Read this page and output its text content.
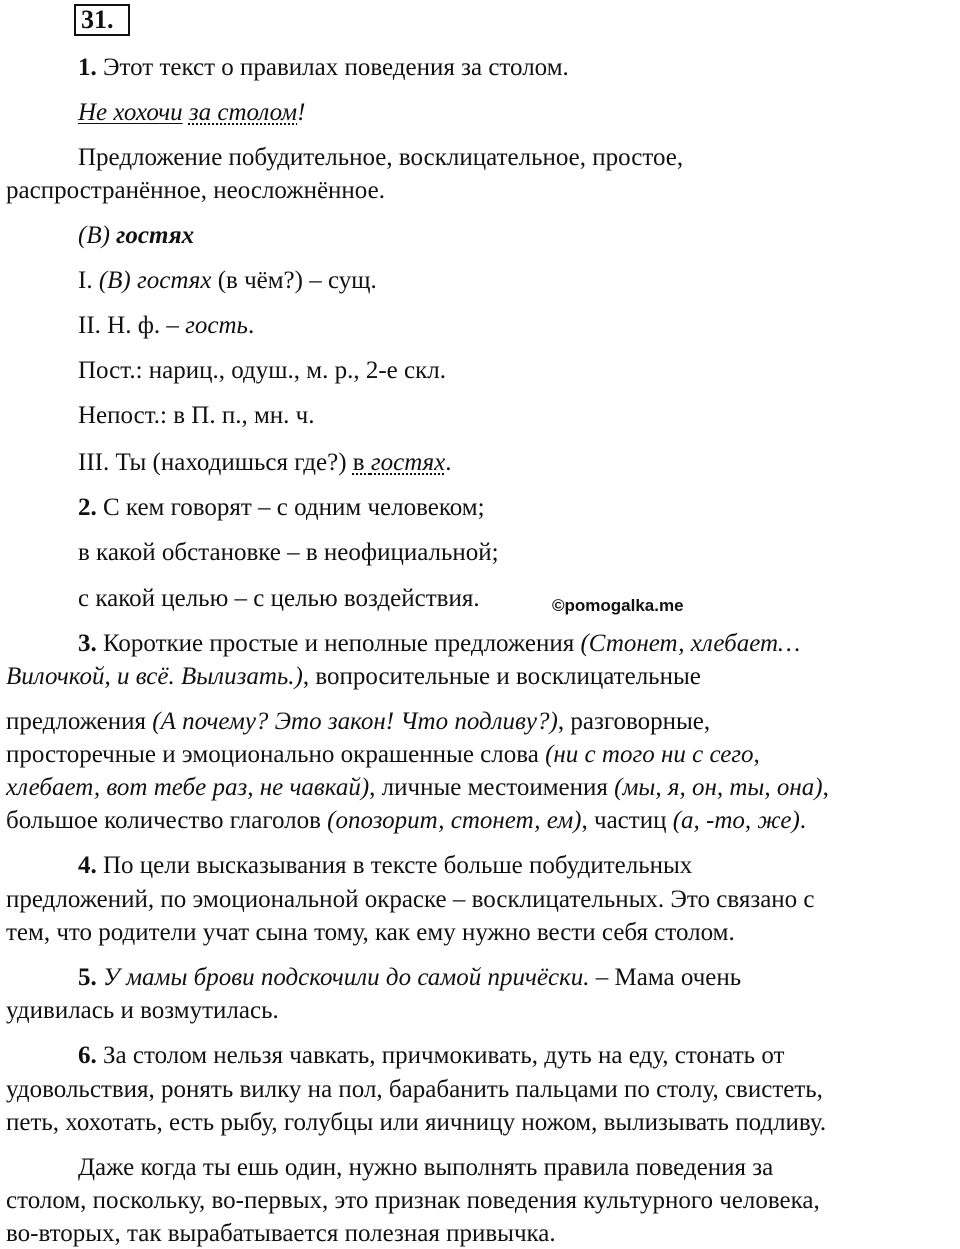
31.
1. Этот текст о правилах поведения за столом.
Не хохочи за столом!
Предложение побудительное, восклицательное, простое,
распространённое, неосложнённое.
(В) гостях
I. (В) гостях (в чём?) – сущ.
II. Н. ф. – гость.
Пост.: нариц., одуш., м. р., 2-е скл.
Непост.: в П. п., мн. ч.
III. Ты (находишься где?) в гостях.
2. С кем говорят – с одним человеком;
в какой обстановке – в неофициальной;
с какой целью – с целью воздействия.	©pomogalka.me
3. Короткие простые и неполные предложения (Стонет, хлебает…
Вилочкой, и всё. Вылизать.), вопросительные и восклицательные
предложения (А почему? Это закон! Что подливу?), разговорные,
просторечные и эмоционально окрашенные слова (ни с того ни с сего,
хлебает, вот тебе раз, не чавкай), личные местоимения (мы, я, он, ты, она),
большое количество глаголов (опозорит, стонет, ем), частиц (а, -то, же).
4. По цели высказывания в тексте больше побудительных
предложений, по эмоциональной окраске – восклицательных. Это связано с
тем, что родители учат сына тому, как ему нужно вести себя столом.
5. У мамы брови подскочили до самой причёски. – Мама очень
удивилась и возмутилась.
6. За столом нельзя чавкать, причмокивать, дуть на еду, стонать от
удовольствия, ронять вилку на пол, барабанить пальцами по столу, свистеть,
петь, хохотать, есть рыбу, голубцы или яичницу ножом, вылизывать подливу.
Даже когда ты ешь один, нужно выполнять правила поведения за
столом, поскольку, во-первых, это признак поведения культурного человека,
во-вторых, так вырабатывается полезная привычка.
